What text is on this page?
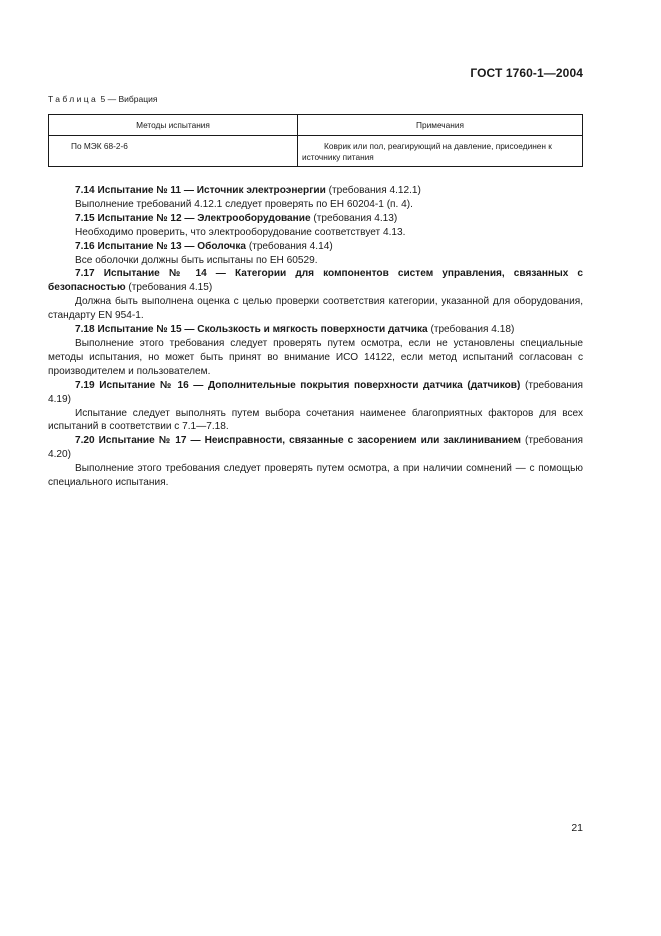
ГОСТ 1760-1—2004
Таблица 5 — Вибрация
Методы испытания	Примечания
По МЭК 68-2-6	Коврик или пол, реагирующий на давление, присоединен к
источнику питания

7.14 Испытание № 11 — Источник электроэнергии (требования 4.12.1)

Выполнение требований 4.12.1 следует проверять по ЕН 60204-1 (п. 4).

7.15 Испытание № 12 — Электрооборудование (требования 4.13)

Необходимо проверить, что электрооборудование соответствует 4.13.

7.16 Испытание № 13 — Оболочка (требования 4.14)

Все оболочки должны быть испытаны по ЕН 60529.

7.17 Испытание № 14 — Категории для компонентов систем управления, связанных с безопасностью (требования 4.15)

Должна быть выполнена оценка с целью проверки соответствия категории, указанной для оборудования, стандарту EN 954-1.

7.18 Испытание № 15 — Скользкость и мягкость поверхности датчика (требования 4.18)

Выполнение этого требования следует проверять путем осмотра, если не установлены специальные методы испытания, но может быть принят во внимание ИСО 14122, если метод испытаний согласован с производителем и пользователем.

7.19 Испытание № 16 — Дополнительные покрытия поверхности датчика (датчиков) (требования 4.19)

Испытание следует выполнять путем выбора сочетания наименее благоприятных факторов для всех испытаний в соответствии с 7.1—7.18.

7.20 Испытание № 17 — Неисправности, связанные с засорением или заклиниванием (требования 4.20)

Выполнение этого требования следует проверять путем осмотра, а при наличии сомнений — с помощью специального испытания.

21
